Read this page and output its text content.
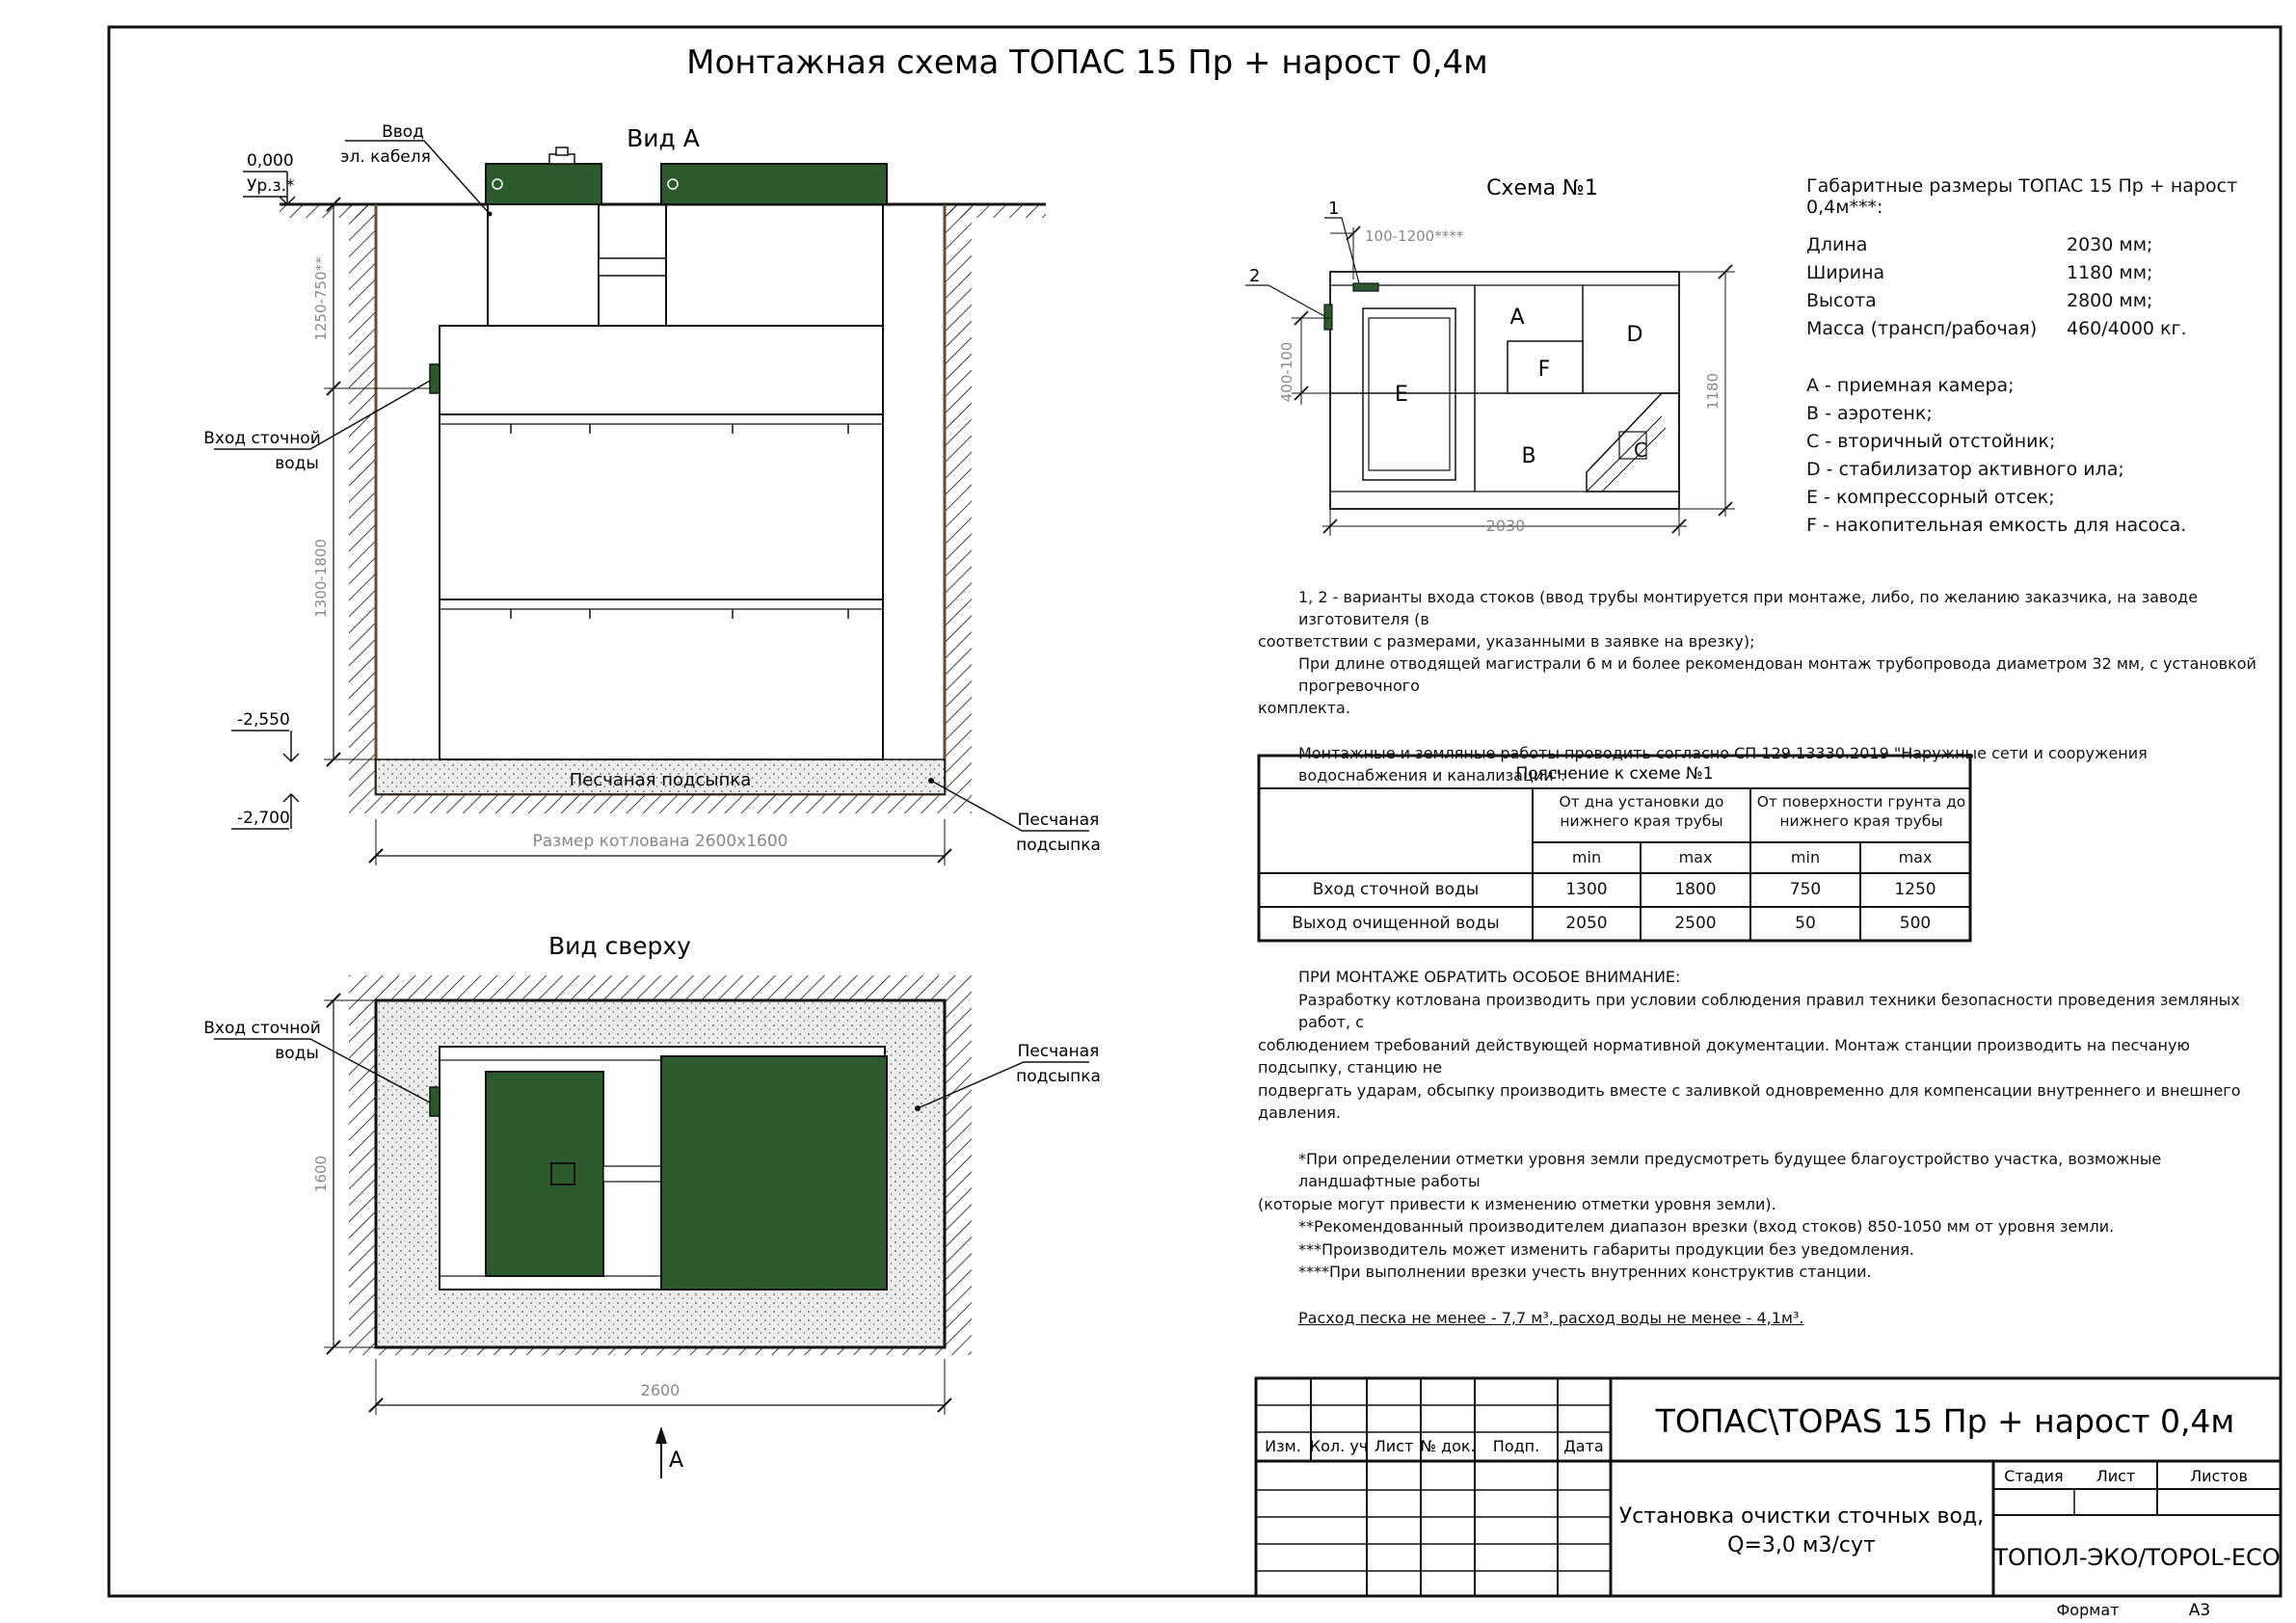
Монтажная схема ТОПАС 15 Пр + нарост 0,4м
Вид А
Песчаная подсыпка
0,000
Ур.з.*
-2,550
-2,700
1250-750**
1300-1800
Размер котлована 2600x1600
Ввод
эл. кабеля
Вход сточной
воды
Песчаная
подсыпка
Вид сверху
Вход сточной
воды	Песчаная
подсыпка
1600
2600
A
Схема №1
A
D
F
E
B	C
1
2
100-1200****
400-100	1180
2030
Пояснение к схеме №1
Изм. Кол. уч Лист № док. Подп. Дата
ТОПАС\TOPAS 15 Пр + нарост 0,4м
Установка очистки сточных вод,
Q=3,0 м3/сут
Стадия Лист	Листов
ТОПОЛ-ЭКО/TOPOL-ECO
Формат	А3
Габаритные размеры ТОПАС 15 Пр + нарост 0,4м***:
Длина	2030 мм;
Ширина	1180 мм;
Высота	2800 мм;
Масса (трансп/рабочая)	460/4000 кг.
A - приемная камера;
B - аэротенк;
C - вторичный отстойник;
D - стабилизатор активного ила;
E - компрессорный отсек;
F - накопительная емкость для насоса.
1, 2 - варианты входа стоков (ввод трубы монтируется при монтаже, либо, по желанию заказчика, на заводе изготовителя (в
соответствии с размерами, указанными в заявке на врезку);
При длине отводящей магистрали 6 м и более рекомендован монтаж трубопровода диаметром 32 мм, с установкой прогревочного
комплекта.
Монтажные и земляные работы проводить согласно СП 129.13330.2019 "Наружные сети и сооружения водоснабжения и канализации".
От дна установки до нижнего края трубы
От поверхности грунта до нижнего края трубы
min	max	min	max
Вход сточной воды	1300	1800	750	1250
Выход очищенной воды	2050	2500	50	500
ПРИ МОНТАЖЕ ОБРАТИТЬ ОСОБОЕ ВНИМАНИЕ:
Разработку котлована производить при условии соблюдения правил техники безопасности проведения земляных работ, с
соблюдением требований действующей нормативной документации. Монтаж станции производить на песчаную подсыпку, станцию не
подвергать ударам, обсыпку производить вместе с заливкой одновременно для компенсации внутреннего и внешнего давления.
*При определении отметки уровня земли предусмотреть будущее благоустройство участка, возможные ландшафтные работы
(которые могут привести к изменению отметки уровня земли).
**Рекомендованный производителем диапазон врезки (вход стоков) 850-1050 мм от уровня земли.
***Производитель может изменить габариты продукции без уведомления.
****При выполнении врезки учесть внутренних конструктив станции.
Расход песка не менее - 7,7 м³, расход воды не менее - 4,1м³.
